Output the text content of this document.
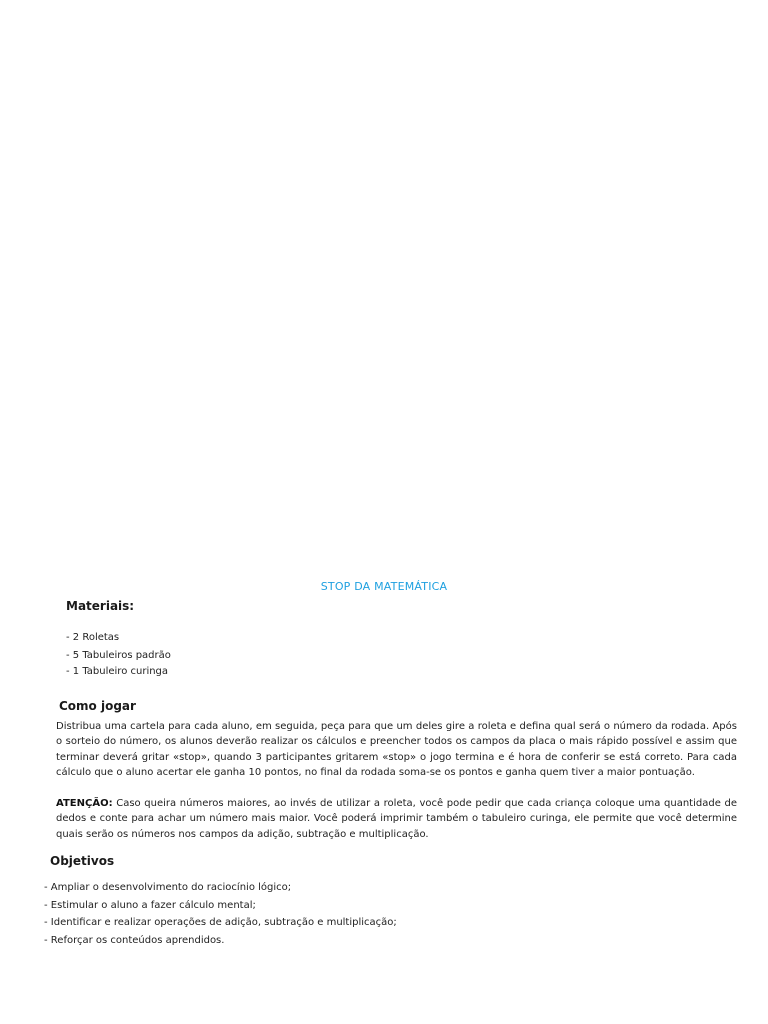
STOP DA MATEMÁTICA
Materiais:
- 2 Roletas
- 5 Tabuleiros padrão
- 1 Tabuleiro curinga
Como jogar

Distribua uma cartela para cada aluno, em seguida, peça para que um deles gire a roleta e defina qual será o número da rodada. Após o sorteio do número, os alunos deverão realizar os cálculos e preencher todos os campos da placa o mais rápido possível e assim que terminar deverá gritar «stop», quando 3 participantes gritarem «stop» o jogo termina e é hora de conferir se está correto. Para cada cálculo que o aluno acertar ele ganha 10 pontos, no final da rodada soma-se os pontos e ganha quem tiver a maior pontuação.

ATENÇÃO: Caso queira números maiores, ao invés de utilizar a roleta, você pode pedir que cada criança coloque uma quantidade de dedos e conte para achar um número mais maior. Você poderá imprimir também o tabuleiro curinga, ele permite que você determine quais serão os números nos campos da adição, subtração e multiplicação.

Objetivos
- Ampliar o desenvolvimento do raciocínio lógico;
- Estimular o aluno a fazer cálculo mental;
- Identificar e realizar operações de adição, subtração e multiplicação;
- Reforçar os conteúdos aprendidos.
